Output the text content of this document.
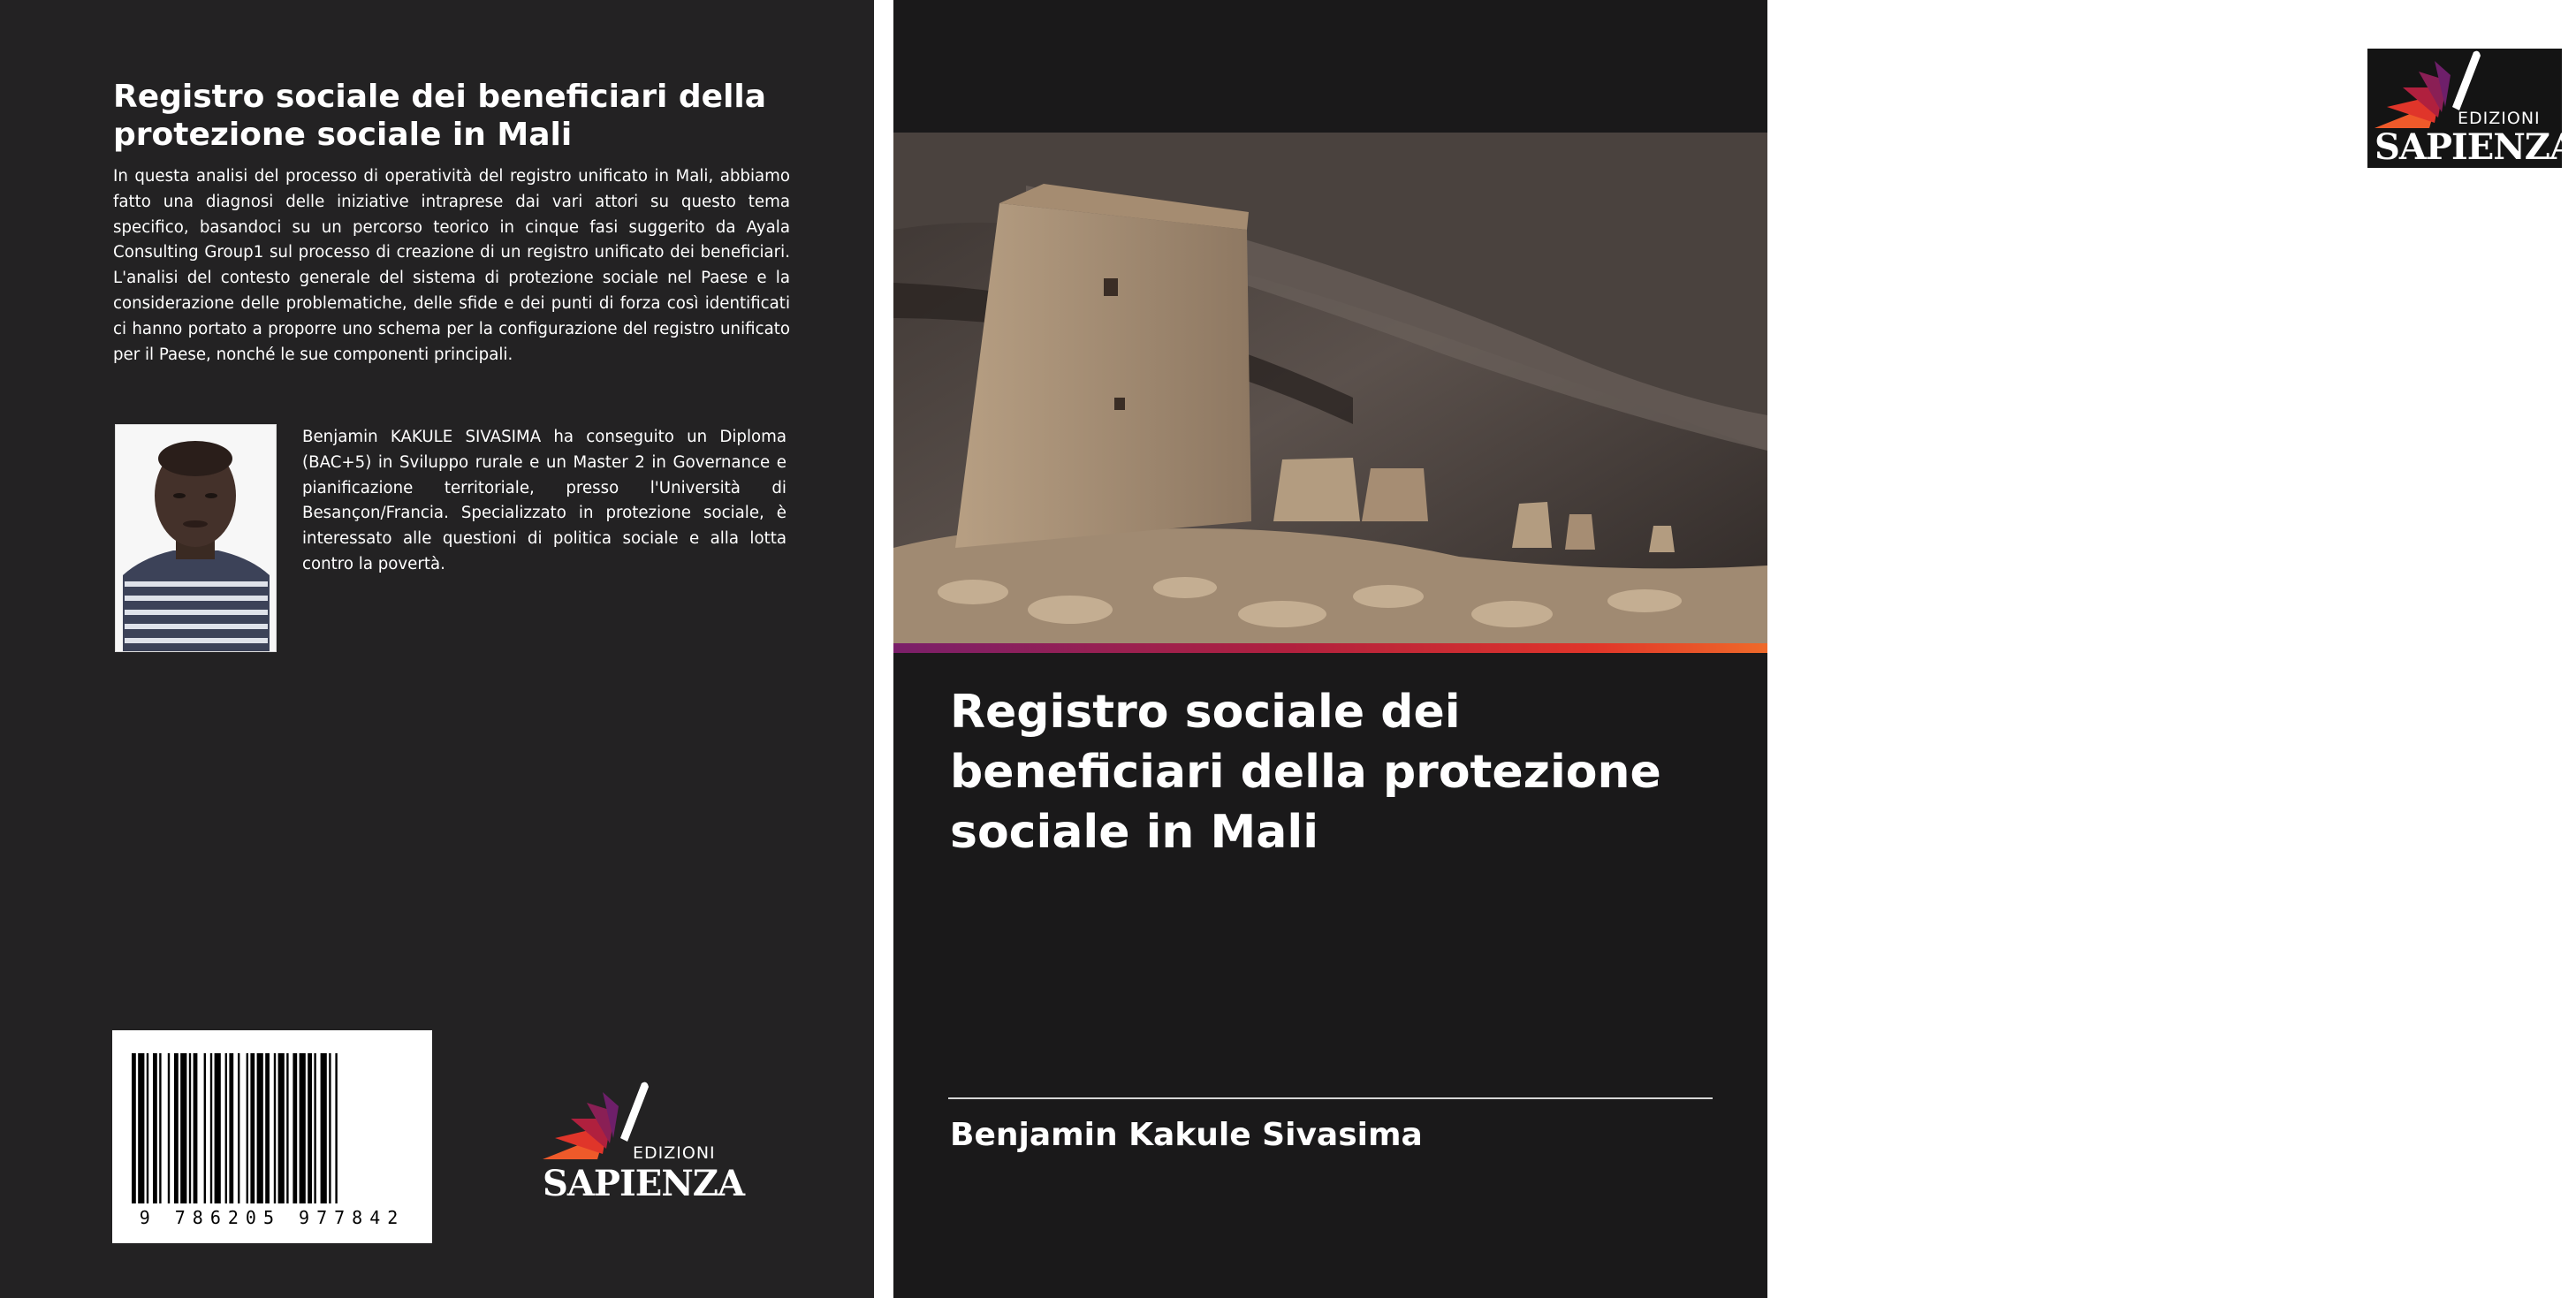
Registro sociale dei beneficiari della protezione sociale in Mali

In questa analisi del processo di operatività del registro unificato in Mali, abbiamo fatto una diagnosi delle iniziative intraprese dai vari attori su questo tema specifico, basandoci su un percorso teorico in cinque fasi suggerito da Ayala Consulting Group1 sul processo di creazione di un registro unificato dei beneficiari. L'analisi del contesto generale del sistema di protezione sociale nel Paese e la considerazione delle problematiche, delle sfide e dei punti di forza così identificati ci hanno portato a proporre uno schema per la configurazione del registro unificato per il Paese, nonché le sue componenti principali.

Benjamin KAKULE SIVASIMA ha conseguito un Diploma (BAC+5) in Sviluppo rurale e un Master 2 in Governance e pianificazione territoriale, presso l'Università di Besançon/Francia. Specializzato in protezione sociale, è interessato alle questioni di politica sociale e alla lotta contro la povertà.

9 786205 977842
EDIZIONI
SAPIENZA
EDIZIONI
SAPIENZA
Registro sociale dei beneficiari della protezione sociale in Mali
Benjamin Kakule Sivasima
